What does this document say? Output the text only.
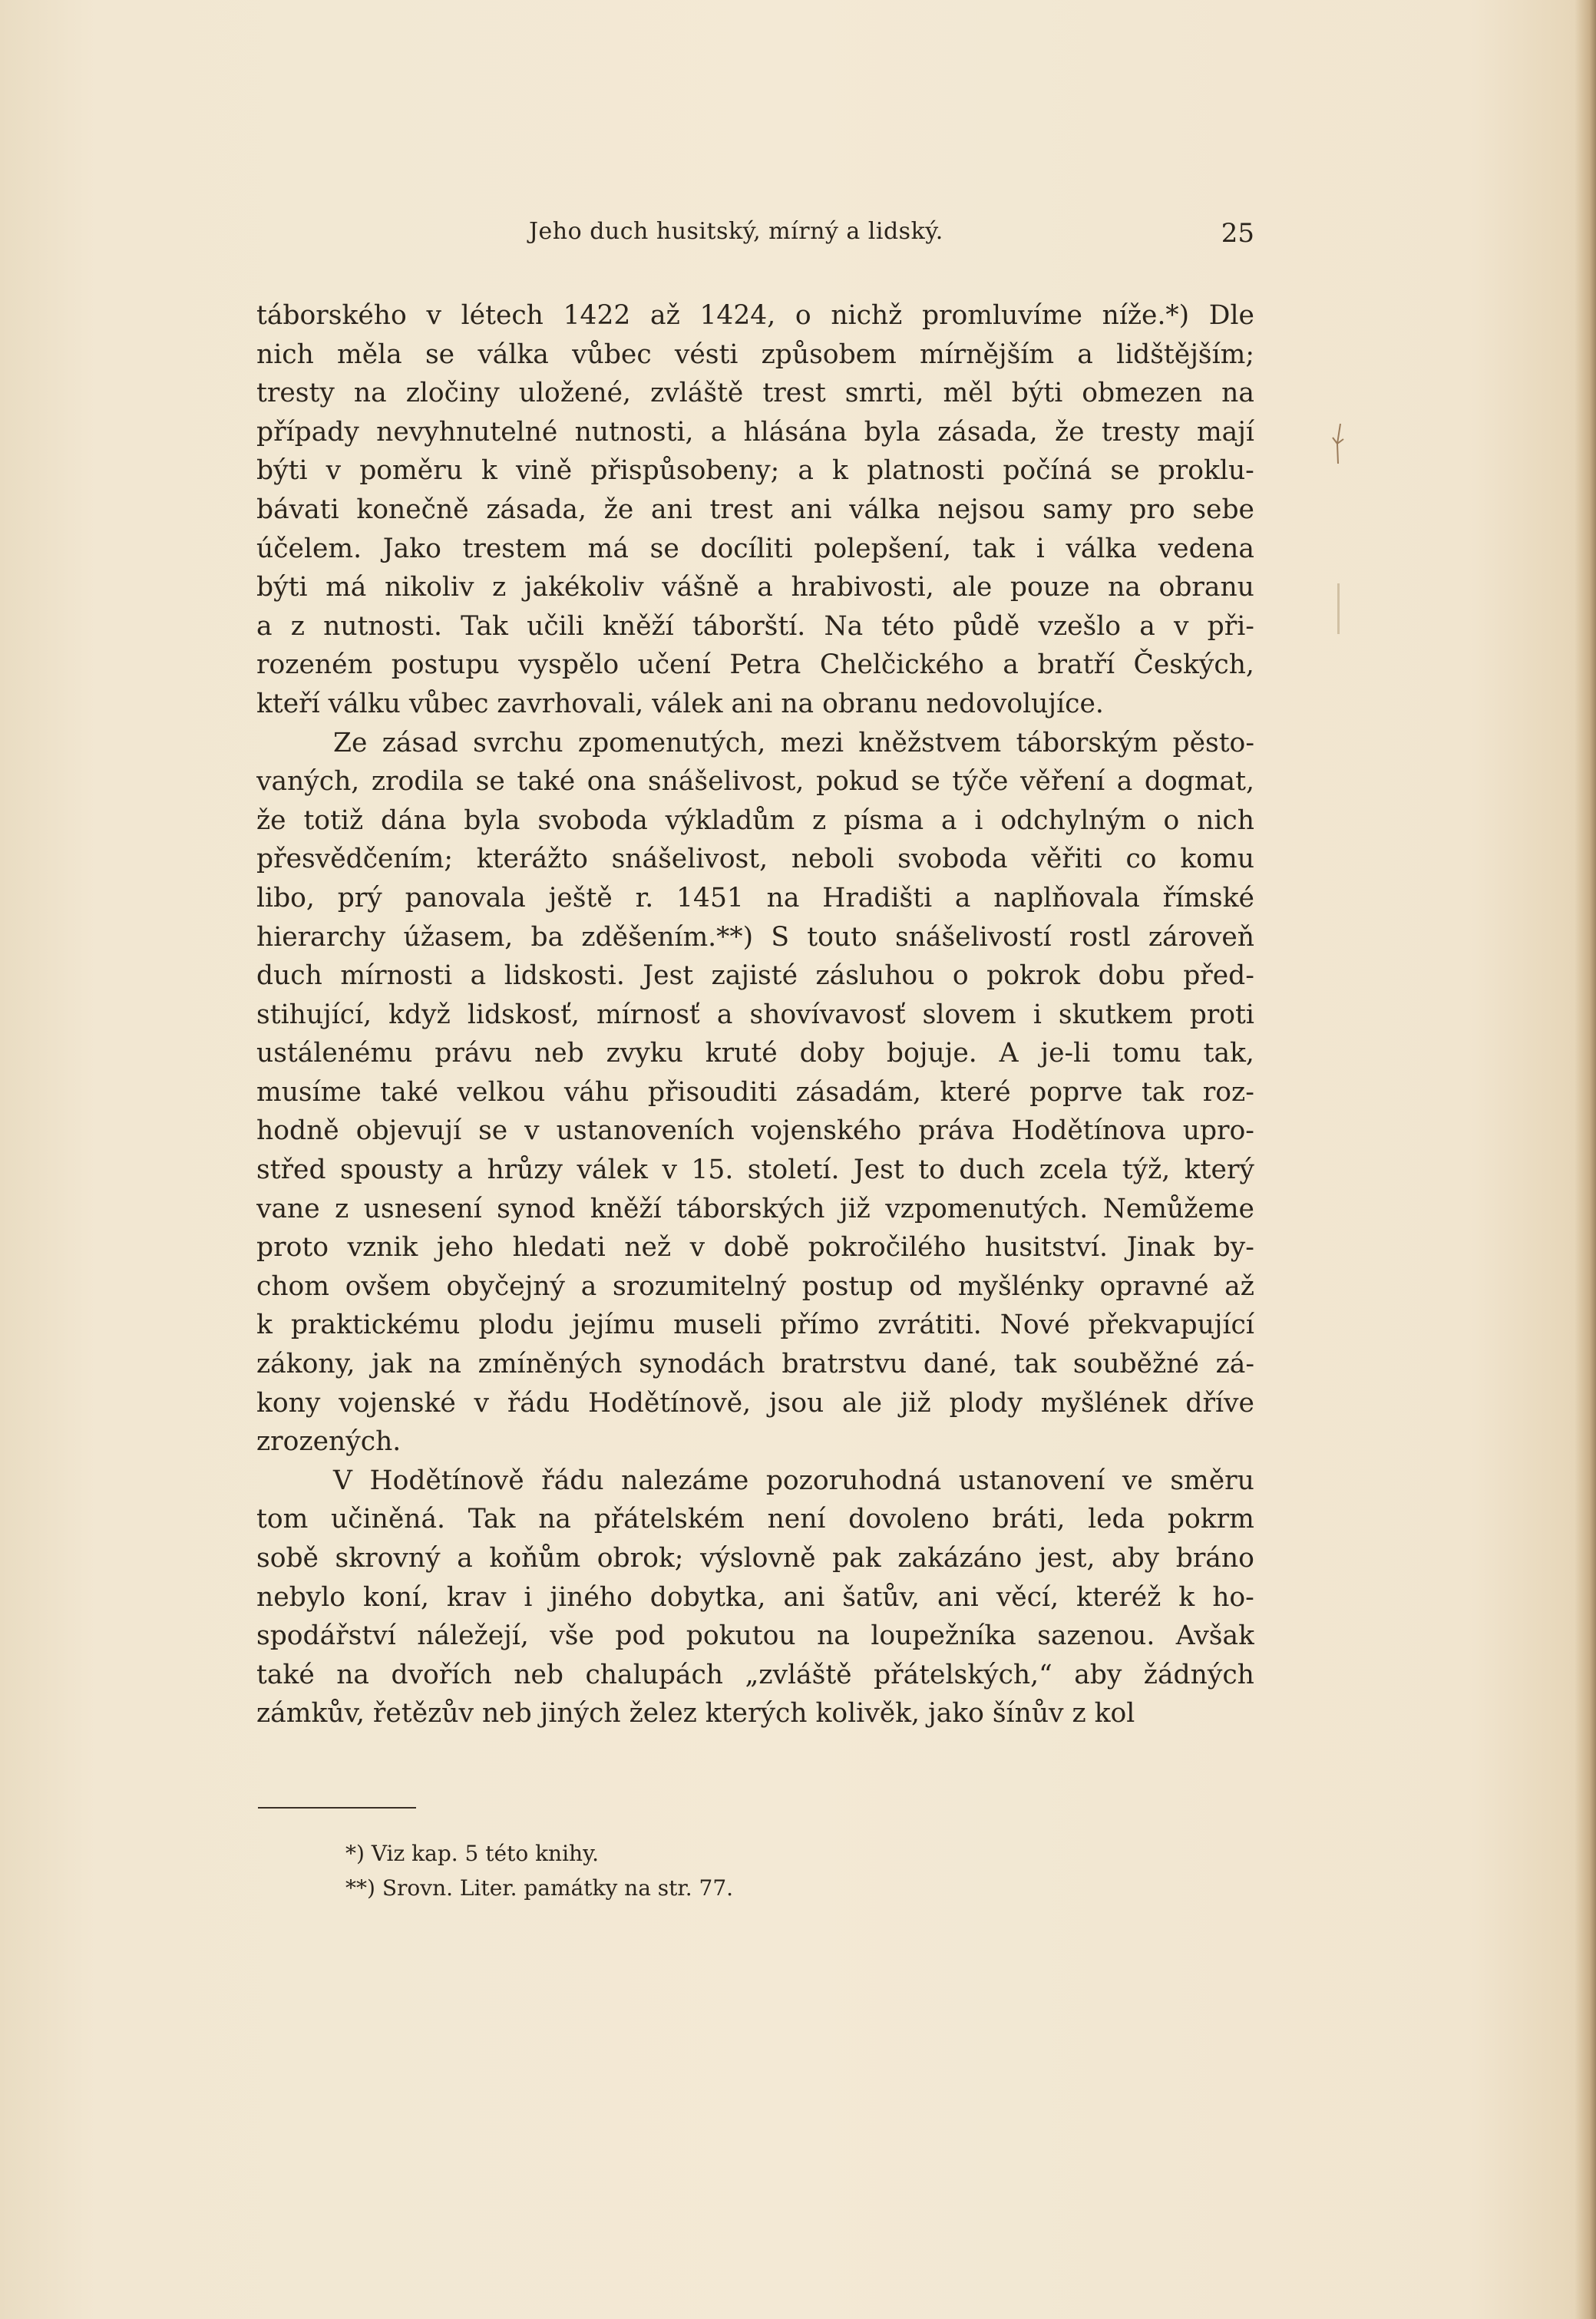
Jeho duch husitský, mírný a lidský.	25
táborského v létech 1422 až 1424, o nichž promluvíme níže.*) Dle
nich měla se válka vůbec vésti způsobem mírnějším a lidštějším;
tresty na zločiny uložené, zvláště trest smrti, měl býti obmezen na
případy nevyhnutelné nutnosti, a hlásána byla zásada, že tresty mají
býti v poměru k vině přispůsobeny; a k platnosti počíná se proklu-
bávati konečně zásada, že ani trest ani válka nejsou samy pro sebe
účelem. Jako trestem má se docíliti polepšení, tak i válka vedena
býti má nikoliv z jakékoliv vášně a hrabivosti, ale pouze na obranu
a z nutnosti. Tak učili kněží táborští. Na této půdě vzešlo a v při-
rozeném postupu vyspělo učení Petra Chelčického a bratří Českých,
kteří válku vůbec zavrhovali, válek ani na obranu nedovolujíce.
Ze zásad svrchu zpomenutých, mezi kněžstvem táborským pěsto-
vaných, zrodila se také ona snášelivost, pokud se týče věření a dogmat,
že totiž dána byla svoboda výkladům z písma a i odchylným o nich
přesvědčením; kterážto snášelivost, neboli svoboda věřiti co komu
libo, prý panovala ještě r. 1451 na Hradišti a naplňovala římské
hierarchy úžasem, ba zděšením.**) S touto snášelivostí rostl zároveň
duch mírnosti a lidskosti. Jest zajisté zásluhou o pokrok dobu před-
stihující, když lidskosť, mírnosť a shovívavosť slovem i skutkem proti
ustálenému právu neb zvyku kruté doby bojuje. A je-li tomu tak,
musíme také velkou váhu přisouditi zásadám, které poprve tak roz-
hodně objevují se v ustanoveních vojenského práva Hodětínova upro-
střed spousty a hrůzy válek v 15. století. Jest to duch zcela týž, který
vane z usnesení synod kněží táborských již vzpomenutých. Nemůžeme
proto vznik jeho hledati než v době pokročilého husitství. Jinak by-
chom ovšem obyčejný a srozumitelný postup od myšlénky opravné až
k praktickému plodu jejímu museli přímo zvrátiti. Nové překvapující
zákony, jak na zmíněných synodách bratrstvu dané, tak souběžné zá-
kony vojenské v řádu Hodětínově, jsou ale již plody myšlének dříve
zrozených.
V Hodětínově řádu nalezáme pozoruhodná ustanovení ve směru
tom učiněná. Tak na přátelském není dovoleno bráti, leda pokrm
sobě skrovný a koňům obrok; výslovně pak zakázáno jest, aby bráno
nebylo koní, krav i jiného dobytka, ani šatův, ani věcí, kteréž k ho-
spodářství náležejí, vše pod pokutou na loupežníka sazenou. Avšak
také na dvořích neb chalupách „zvláště přátelských,“ aby žádných
zámkův, řetězův neb jiných želez kterých kolivěk, jako šínův z kol
*) Viz kap. 5 této knihy.
**) Srovn. Liter. památky na str. 77.
